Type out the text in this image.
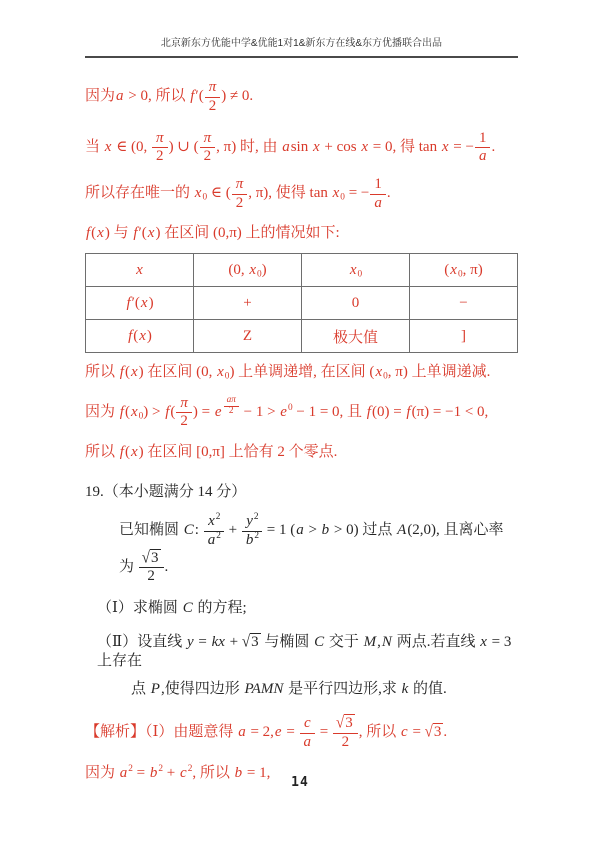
北京新东方优能中学&优能1对1&新东方在线&东方优播联合出品
因为a > 0, 所以 $f'( \frac{\pi}{2}$ ) ≠ 0.
当 x ∈ (0, $\frac{\pi}{2}$ ) ∪ ( $\frac{\pi}{2}$ , π) 时, 由 asin x + cos x = 0, 得 tan x = − $\frac{1}{a}$ .
所以存在唯一的 $x_0$ ∈ ( $\frac{\pi}{2}$ , π), 使得 $\tan x_0$ = − $\frac{1}{a}$ .
f(x) 与 f′(x) 在区间 (0,π) 上的情况如下:
x	(0, $x_0$)	$x_0$	($x_0$, π)
f′(x)	+	0	−
f(x)	Z	极大值	]
所以 f(x) 在区间 (0, $x_0$) 上单调递增, 在区间 ($x_0$, π) 上单调递减.
因为 $f(x_0) > f( \frac{\pi}{2}$ ) = e $^{\frac{a\pi}{2}} - 1 > e^0 - 1 = 0$, 且 f(0) = f(π) = −1 < 0,
所以 f(x) 在区间 [0,π] 上恰有 2 个零点.
19.（本小题满分 14 分）
已知椭圆 C: $\frac{x^2}{a^2} + \frac{y^2}{b^2} = 1$ (a > b > 0) 过点 A(2,0), 且离心率为 $\frac{√3}{2}$ .
（Ⅰ）求椭圆 C 的方程;
（Ⅱ）设直线 y = kx + √3 与椭圆 C 交于 M,N 两点.若直线 x = 3 上存在
点 P,使得四边形 PAMN 是平行四边形,求 k 的值.
【解析】（Ⅰ）由题意得 $a = 2,e = \frac{c}{a} = \frac{√3}{2}$ , 所以 c = √3 .
因为 $a^2 = b^2 + c^2$, 所以 b = 1,
14
